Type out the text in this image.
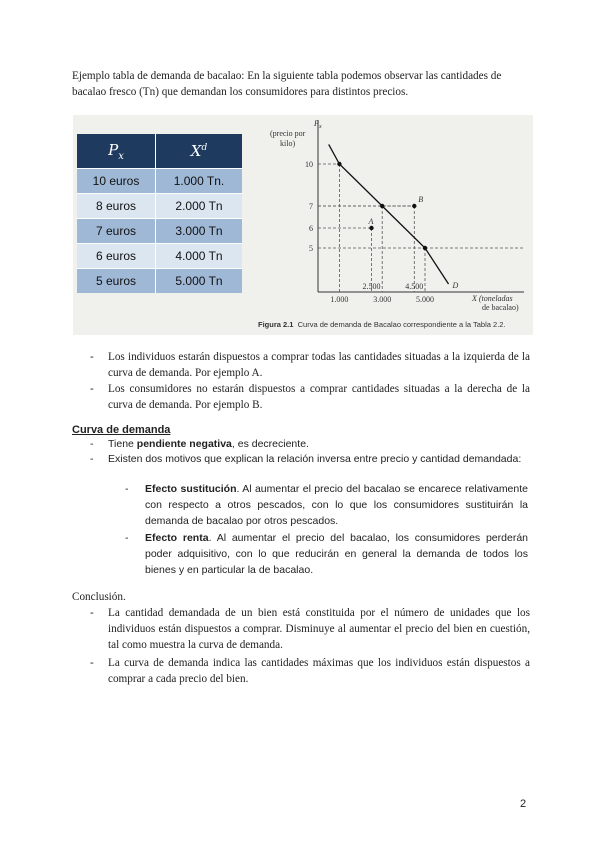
Ejemplo tabla de demanda de bacalao: En la siguiente tabla podemos observar las cantidades de bacalao fresco (Tn) que demandan los consumidores para distintos precios.

$P_x$	$X^d$
10 euros	1.000 Tn.
8 euros	2.000 Tn
7 euros	3.000 Tn
6 euros	4.000 Tn
5 euros	5.000 Tn
P x
(precio por
kilo)
X (toneladas
de bacalao)
D
A
B
10
7
6
5
1.000
2.500
3.000
4.500
5.000
Figura 2.1 Curva de demanda de Bacalao correspondiente a la Tabla 2.2.
- Los individuos estarán dispuestos a comprar todas las cantidades situadas a la izquierda de la curva de demanda. Por ejemplo A.
- Los consumidores no estarán dispuestos a comprar cantidades situadas a la derecha de la curva de demanda. Por ejemplo B.
Curva de demanda
- Tiene pendiente negativa, es decreciente.
- Existen dos motivos que explican la relación inversa entre precio y cantidad demandada:
-	Efecto sustitución. Al aumentar el precio del bacalao se encarece relativamente con respecto a otros pescados, con lo que los consumidores sustituirán la demanda de bacalao por otros pescados.
-	Efecto renta. Al aumentar el precio del bacalao, los consumidores perderán poder adquisitivo, con lo que reducirán en general la demanda de todos los bienes y en particular la de bacalao.
Conclusión.
- La cantidad demandada de un bien está constituida por el número de unidades que los individuos están dispuestos a comprar. Disminuye al aumentar el precio del bien en cuestión, tal como muestra la curva de demanda.
- La curva de demanda indica las cantidades máximas que los individuos están dispuestos a comprar a cada precio del bien.
2
